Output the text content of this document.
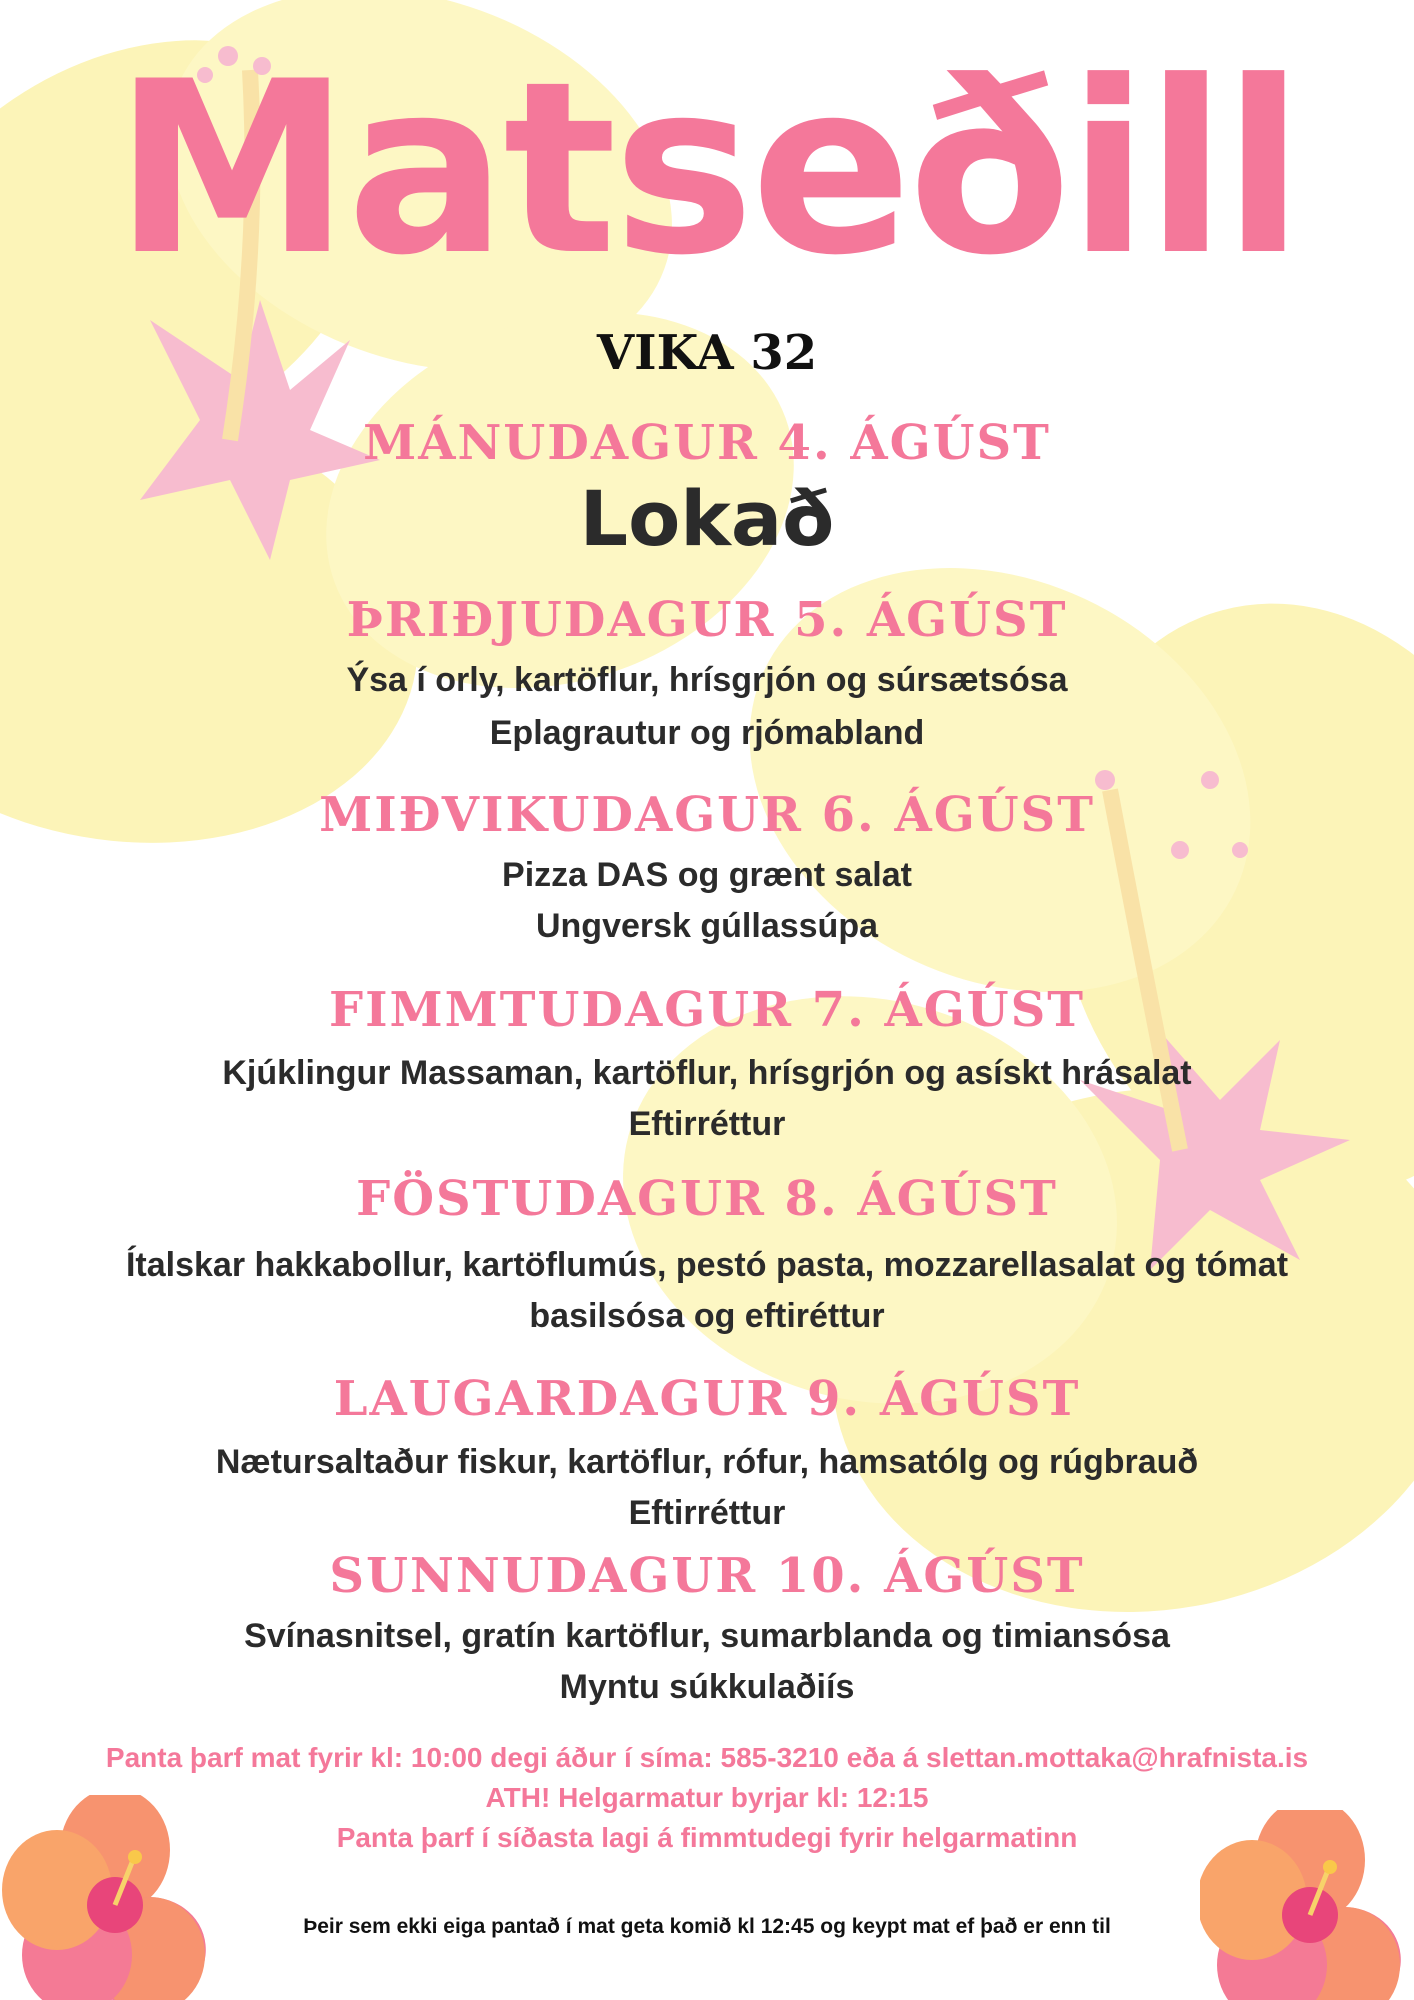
Matseðill
VIKA 32
MÁNUDAGUR 4. ÁGÚST
Lokað
ÞRIÐJUDAGUR 5. ÁGÚST
Ýsa í orly, kartöflur, hrísgrjón og súrsætsósa
Eplagrautur og rjómabland
MIÐVIKUDAGUR 6. ÁGÚST
Pizza DAS og grænt salat
Ungversk gúllassúpa
FIMMTUDAGUR 7. ÁGÚST
Kjúklingur Massaman, kartöflur, hrísgrjón og asískt hrásalat
Eftirréttur
FÖSTUDAGUR 8. ÁGÚST
Ítalskar hakkabollur, kartöflumús, pestó pasta, mozzarellasalat og tómat
basilsósa og eftiréttur
LAUGARDAGUR 9. ÁGÚST
Nætursaltaður fiskur, kartöflur, rófur, hamsatólg og rúgbrauð
Eftirréttur
SUNNUDAGUR 10. ÁGÚST
Svínasnitsel, gratín kartöflur, sumarblanda og timiansósa
Myntu súkkulaðiís
Panta þarf mat fyrir kl: 10:00 degi áður í síma: 585-3210 eða á slettan.mottaka@hrafnista.is
ATH! Helgarmatur byrjar kl: 12:15
Panta þarf í síðasta lagi á fimmtudegi fyrir helgarmatinn
Þeir sem ekki eiga pantað í mat geta komið kl 12:45 og keypt mat ef það er enn til
